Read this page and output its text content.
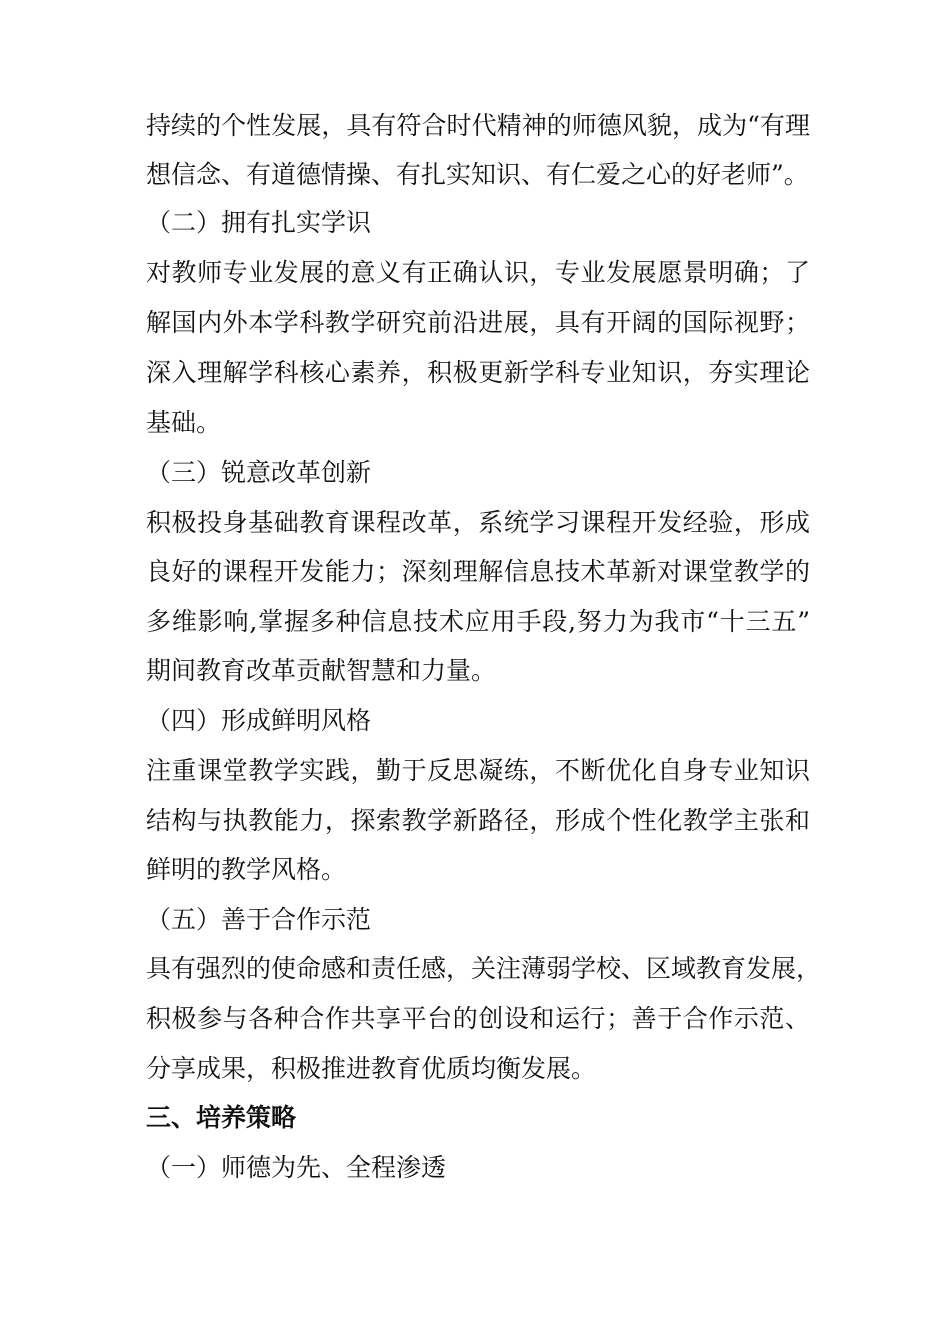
持续的个性发展，具有符合时代精神的师德风貌，成为“有理
想信念、有道德情操、有扎实知识、有仁爱之心的好老师”。
（二）拥有扎实学识
对教师专业发展的意义有正确认识，专业发展愿景明确；了
解国内外本学科教学研究前沿进展，具有开阔的国际视野；
深入理解学科核心素养，积极更新学科专业知识，夯实理论
基础。
（三）锐意改革创新
积极投身基础教育课程改革，系统学习课程开发经验，形成
良好的课程开发能力；深刻理解信息技术革新对课堂教学的
多维影响,掌握多种信息技术应用手段,努力为我市“十三五”
期间教育改革贡献智慧和力量。
（四）形成鲜明风格
注重课堂教学实践，勤于反思凝练，不断优化自身专业知识
结构与执教能力，探索教学新路径，形成个性化教学主张和
鲜明的教学风格。
（五）善于合作示范
具有强烈的使命感和责任感，关注薄弱学校、区域教育发展，
积极参与各种合作共享平台的创设和运行；善于合作示范、
分享成果，积极推进教育优质均衡发展。
三、培养策略
（一）师德为先、全程渗透
